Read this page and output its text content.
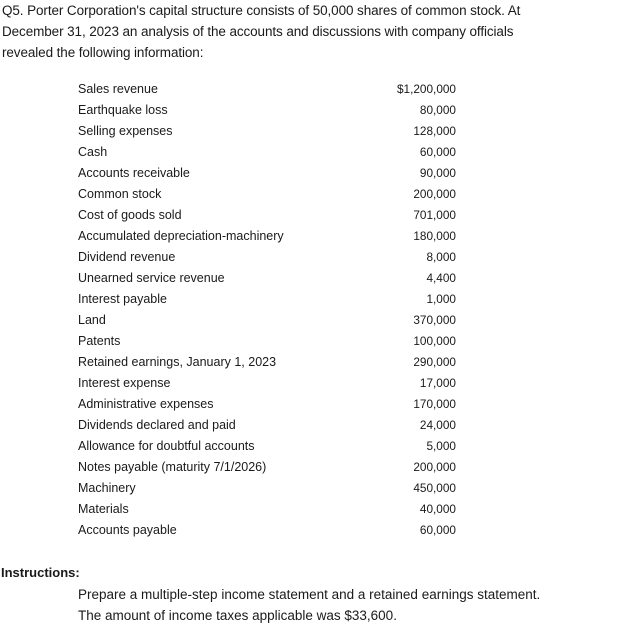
Q5. Porter Corporation's capital structure consists of 50,000 shares of common stock. At
December 31, 2023 an analysis of the accounts and discussions with company officials
revealed the following information:
Sales revenue	$1,200,000
Earthquake loss	80,000
Selling expenses	128,000
Cash	60,000
Accounts receivable	90,000
Common stock	200,000
Cost of goods sold	701,000
Accumulated depreciation-machinery	180,000
Dividend revenue	8,000
Unearned service revenue	4,400
Interest payable	1,000
Land	370,000
Patents	100,000
Retained earnings, January 1, 2023	290,000
Interest expense	17,000
Administrative expenses	170,000
Dividends declared and paid	24,000
Allowance for doubtful accounts	5,000
Notes payable (maturity 7/1/2026)	200,000
Machinery	450,000
Materials	40,000
Accounts payable	60,000
Instructions:

Prepare a multiple-step income statement and a retained earnings statement.

The amount of income taxes applicable was $33,600.
